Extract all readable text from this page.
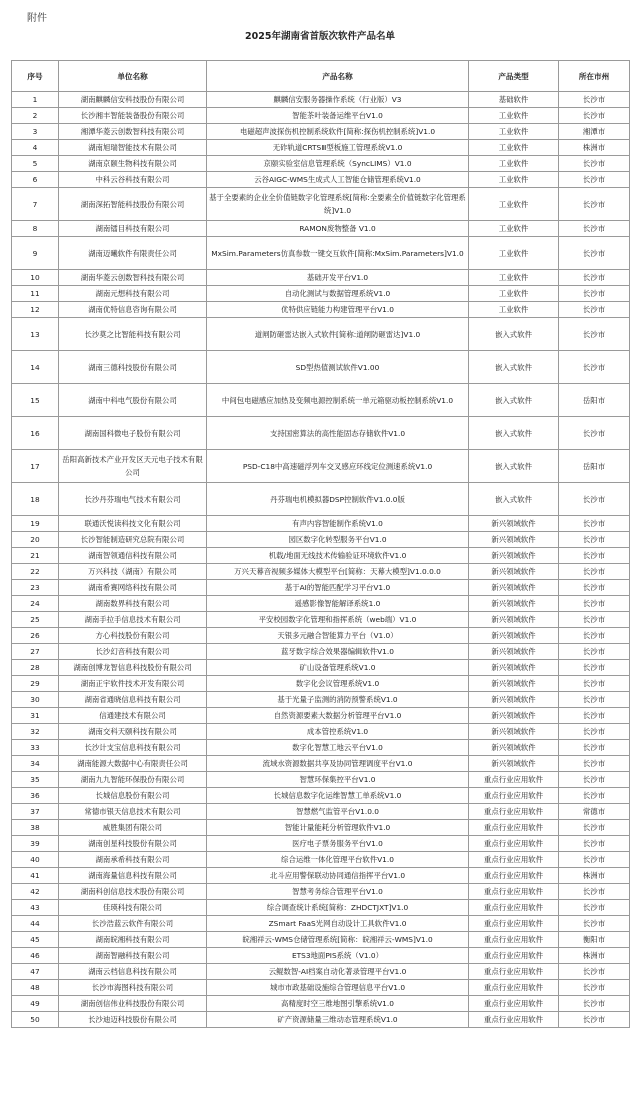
附件
2025年湖南省首版次软件产品名单
序号	单位名称	产品名称	产品类型	所在市州
1	湖南麒麟信安科技股份有限公司	麒麟信安服务器操作系统（行业版）V3	基础软件	长沙市
2	长沙湘丰智能装备股份有限公司	智能茶叶装备运维平台V1.0	工业软件	长沙市
3	湘潭华菱云创数智科技有限公司	电磁超声波探伤机控制系统软件[简称:探伤机控制系统]V1.0	工业软件	湘潭市
4	湖南旭瑞智能技术有限公司	无砟轨道CRTSⅢ型板施工管理系统V1.0	工业软件	株洲市
5	湖南京颐生物科技有限公司	京颐实验室信息管理系统（SyncLIMS）V1.0	工业软件	长沙市
6	中科云谷科技有限公司	云谷AIGC-WMS生成式人工智能仓储管理系统V1.0	工业软件	长沙市
7	湖南深拓智能科技股份有限公司	基于全要素的企业全价值链数字化管理系统[简称:全要素全价值链数字化管理系统]V1.0	工业软件	长沙市
8	湖南镭目科技有限公司	RAMON废物整备 V1.0	工业软件	长沙市
9	湖南迈曦软件有限责任公司	MxSim.Parameters仿真参数一键交互软件[简称:MxSim.Parameters]V1.0	工业软件	长沙市
10	湖南华菱云创数智科技有限公司	基础开发平台V1.0	工业软件	长沙市
11	湖南元想科技有限公司	自动化测试与数据管理系统V1.0	工业软件	长沙市
12	湖南优特信息咨询有限公司	优特供应链能力构建管理平台V1.0	工业软件	长沙市
13	长沙莫之比智能科技有限公司	道闸防砸雷达嵌入式软件[简称:道闸防砸雷达]V1.0	嵌入式软件	长沙市
14	湖南三德科技股份有限公司	SD型热值测试软件V1.00	嵌入式软件	长沙市
15	湖南中科电气股份有限公司	中间包电磁感应加热及变频电源控制系统一单元箱驱动板控制系统V1.0	嵌入式软件	岳阳市
16	湖南国科微电子股份有限公司	支持国密算法的高性能固态存储软件V1.0	嵌入式软件	长沙市
17	岳阳高新技术产业开发区天元电子技术有限公司	PSD-C18中高速磁浮列车交叉感应环线定位测速系统V1.0	嵌入式软件	岳阳市
18	长沙丹芬瑞电气技术有限公司	丹芬瑞电机模拟器DSP控制软件V1.0.0版	嵌入式软件	长沙市
19	联通沃悦读科技文化有限公司	有声内容智能制作系统V1.0	新兴领域软件	长沙市
20	长沙智能制造研究总院有限公司	园区数字化转型服务平台V1.0	新兴领域软件	长沙市
21	湖南智领通信科技有限公司	机载/地面无线技术传输验证环境软件V1.0	新兴领域软件	长沙市
22	万兴科技（湖南）有限公司	万兴天幕音视频多媒体大模型平台[简称：天幕大模型]V1.0.0.0	新兴领域软件	长沙市
23	湖南希赛网络科技有限公司	基于AI的智能匹配学习平台V1.0	新兴领域软件	长沙市
24	湖南数界科技有限公司	遥感影像智能解译系统1.0	新兴领域软件	长沙市
25	湖南手拉手信息技术有限公司	平安校园数字化管理和指挥系统（web端）V1.0	新兴领域软件	长沙市
26	方心科技股份有限公司	天银多元融合智能算力平台（V1.0）	新兴领域软件	长沙市
27	长沙幻音科技有限公司	蓝牙数字综合效果器编辑软件V1.0	新兴领域软件	长沙市
28	湖南创博龙智信息科技股份有限公司	矿山设备管理系统V1.0	新兴领域软件	长沙市
29	湖南正宇软件技术开发有限公司	数字化会议管理系统V1.0	新兴领域软件	长沙市
30	湖南省通晓信息科技有限公司	基于光量子监测的消防预警系统V1.0	新兴领域软件	长沙市
31	信通建技术有限公司	自然资源要素大数据分析管理平台V1.0	新兴领域软件	长沙市
32	湖南交科天颐科技有限公司	成本管控系统V1.0	新兴领域软件	长沙市
33	长沙计支宝信息科技有限公司	数字化智慧工地云平台V1.0	新兴领域软件	长沙市
34	湖南能源大数据中心有限责任公司	流域水资源数据共享及协同管理调度平台V1.0	新兴领域软件	长沙市
35	湖南九九智能环保股份有限公司	智慧环保集控平台V1.0	重点行业应用软件	长沙市
36	长城信息股份有限公司	长城信息数字化运维智慧工单系统V1.0	重点行业应用软件	长沙市
37	常德市银天信息技术有限公司	智慧燃气监管平台V1.0.0	重点行业应用软件	常德市
38	威胜集团有限公司	智能计量能耗分析管理软件V1.0	重点行业应用软件	长沙市
39	湖南创星科技股份有限公司	医疗电子票务服务平台V1.0	重点行业应用软件	长沙市
40	湖南承希科技有限公司	综合运维一体化管理平台软件V1.0	重点行业应用软件	长沙市
41	湖南海量信息科技有限公司	北斗应用警保联动协同通信指挥平台V1.0	重点行业应用软件	株洲市
42	湖南科创信息技术股份有限公司	智慧考务综合管理平台V1.0	重点行业应用软件	长沙市
43	佳瑛科技有限公司	综合调查统计系统[简称：ZHDCTJXT]V1.0	重点行业应用软件	长沙市
44	长沙浩蓝云软件有限公司	ZSmart FaaS光网自动设计工具软件V1.0	重点行业应用软件	长沙市
45	湖南皖湘科技有限公司	皖湘祥云-WMS仓储管理系统[简称：皖湘祥云-WMS]V1.0	重点行业应用软件	衡阳市
46	湖南智融科技有限公司	ETS3地面PIS系统（V1.0）	重点行业应用软件	株洲市
47	湖南云档信息科技有限公司	云鲲数智-AI档案自动化著录管理平台V1.0	重点行业应用软件	长沙市
48	长沙市海图科技有限公司	城市市政基础设施综合管理信息平台V1.0	重点行业应用软件	长沙市
49	湖南创信伟业科技股份有限公司	高精度时空三维地图引擎系统V1.0	重点行业应用软件	长沙市
50	长沙迪迈科技股份有限公司	矿产资源储量三维动态管理系统V1.0	重点行业应用软件	长沙市
